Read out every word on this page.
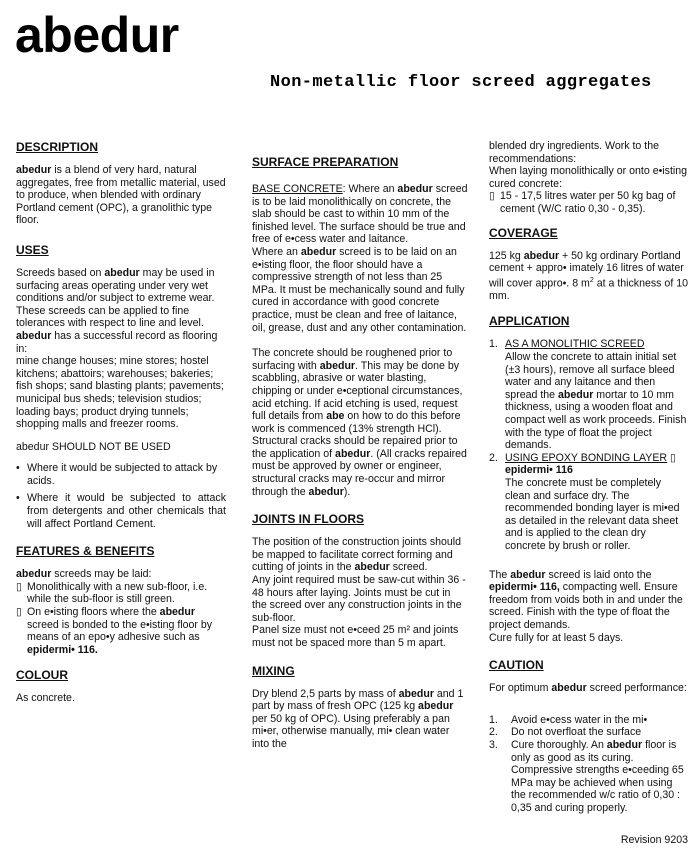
abedur
Non-metallic floor screed aggregates
DESCRIPTION

abedur is a blend of very hard, natural aggregates, free from metallic material, used to produce, when blended with ordinary Portland cement (OPC), a granolithic type floor.

USES

Screeds based on abedur may be used in surfacing areas operating under very wet conditions and/or subject to extreme wear. These screeds can be applied to fine tolerances with respect to line and level.
abedur has a successful record as flooring in:
mine change houses; mine stores; hostel kitchens; abattoirs; warehouses; bakeries; fish shops; sand blasting plants; pavements; municipal bus sheds; television studios; loading bays; product drying tunnels; shopping malls and freezer rooms.

abedur SHOULD NOT BE USED

• Where it would be subjected to attack by acids.
• Where it would be subjected to attack from detergents and other chemicals that will affect Portland Cement.
FEATURES & BENEFITS
abedur screeds may be laid:
▯ Monolithically with a new sub-floor, i.e. while the sub-floor is still green.
▯ On e•isting floors where the abedur screed is bonded to the e•isting floor by means of an epo•y adhesive such as
epidermi• 116.
COLOUR

As concrete.

SURFACE PREPARATION
BASE CONCRETE: Where an abedur screed is to be laid monolithically on concrete, the slab should be cast to within 10 mm of the finished level. The surface should be true and free of e•cess water and laitance.

Where an abedur screed is to be laid on an e•isting floor, the floor should have a compressive strength of not less than 25 MPa. It must be mechanically sound and fully cured in accordance with good concrete practice, must be clean and free of laitance, oil, grease, dust and any other contamination.

The concrete should be roughened prior to surfacing with abedur. This may be done by scabbling, abrasive or water blasting, chipping or under e•ceptional circumstances, acid etching. If acid etching is used, request full details from abe on how to do this before work is commenced (13% strength HCl). Structural cracks should be repaired prior to the application of abedur. (All cracks repaired must be approved by owner or engineer, structural cracks may re-occur and mirror through the abedur).

JOINTS IN FLOORS
The position of the construction joints should be mapped to facilitate correct forming and cutting of joints in the abedur screed.
Any joint required must be saw-cut within 36 - 48 hours after laying. Joints must be cut in the screed over any construction joints in the sub-floor.

Panel size must not e•ceed 25 m² and joints must not be spaced more than 5 m apart.

MIXING

Dry blend 2,5 parts by mass of abedur and 1 part by mass of fresh OPC (125 kg abedur per 50 kg of OPC). Using preferably a pan mi•er, otherwise manually, mi• clean water into the

blended dry ingredients. Work to the recommendations:
When laying monolithically or onto e•isting cured concrete:
▯ 15 - 17,5 litres water per 50 kg bag of cement (W/C ratio 0,30 - 0,35).
COVERAGE

125 kg abedur + 50 kg ordinary Portland cement + appro• imately 16 litres of water will cover appro•. 8 $m^2$ at a thickness of 10 mm.

APPLICATION
1. AS A MONOLITHIC SCREED
Allow the concrete to attain initial set (±3 hours), remove all surface bleed water and any laitance and then spread the abedur mortar to 10 mm thickness, using a wooden float and compact well as work proceeds. Finish with the type of float the project demands.
2. USING EPOXY BONDING LAYER ▯
epidermi• 116
The concrete must be completely clean and surface dry. The recommended bonding layer is mi•ed as detailed in the relevant data sheet and is applied to the clean dry concrete by brush or roller.

The abedur screed is laid onto the epidermi• 116, compacting well. Ensure freedom from voids both in and under the screed. Finish with the type of float the project demands.
Cure fully for at least 5 days.

CAUTION

For optimum abedur screed performance:

1. Avoid e•cess water in the mi•
2. Do not overfloat the surface
3. Cure thoroughly. An abedur floor is only as good as its curing. Compressive strengths e•ceeding 65 MPa may be achieved when using the recommended w/c ratio of 0,30 : 0,35 and curing properly.
Revision 9203
